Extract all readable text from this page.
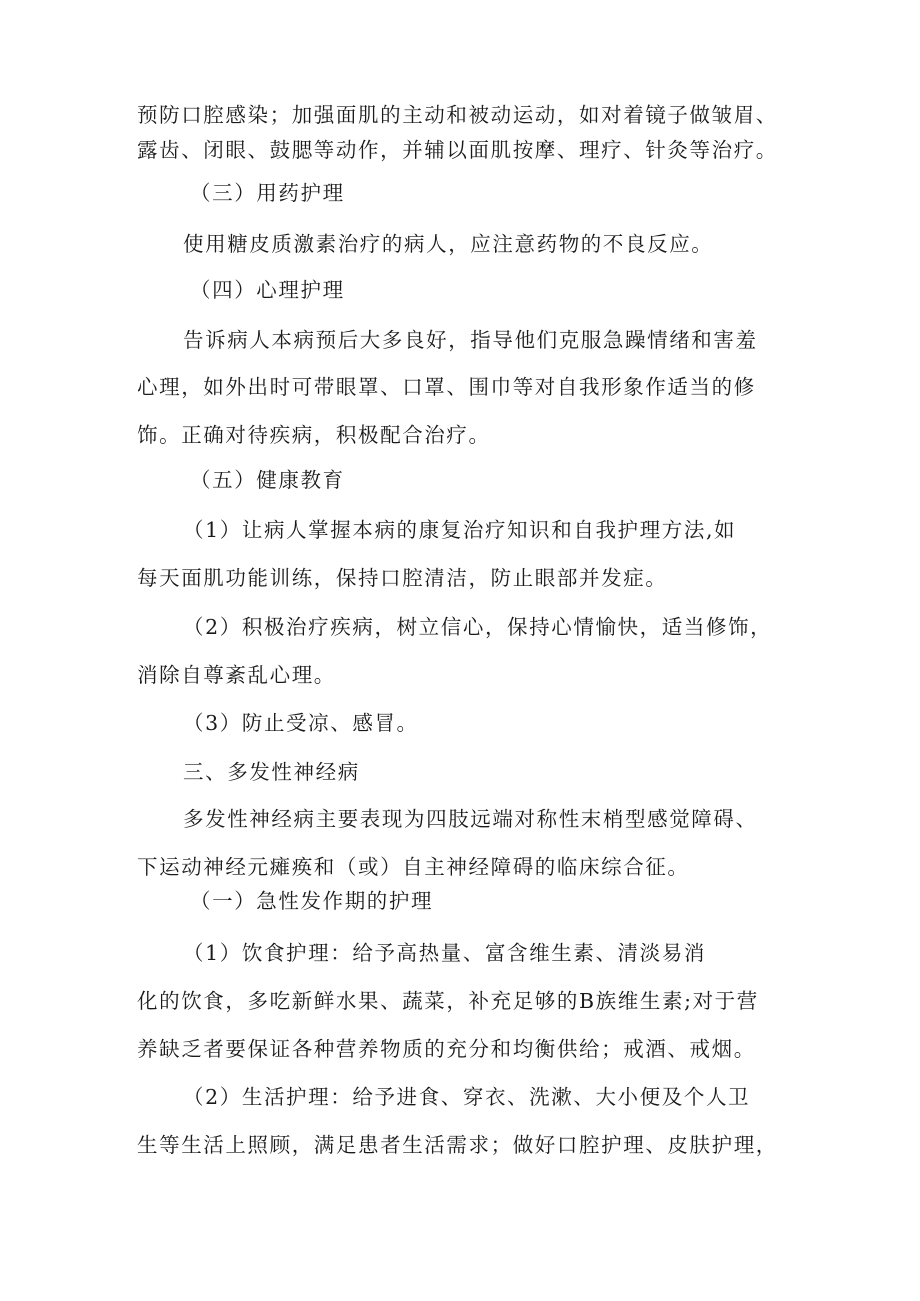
预防口腔感染；加强面肌的主动和被动运动，如对着镜子做皱眉、

露齿、闭眼、鼓腮等动作，并辅以面肌按摩、理疗、针灸等治疗。

（三）用药护理

使用糖皮质激素治疗的病人，应注意药物的不良反应。

（四）心理护理

告诉病人本病预后大多良好，指导他们克服急躁情绪和害羞

心理，如外出时可带眼罩、口罩、围巾等对自我形象作适当的修

饰。正确对待疾病，积极配合治疗。

（五）健康教育

（1）让病人掌握本病的康复治疗知识和自我护理方法,如

每天面肌功能训练，保持口腔清洁，防止眼部并发症。

（2）积极治疗疾病，树立信心，保持心情愉快，适当修饰，

消除自尊紊乱心理。

（3）防止受凉、感冒。

三、多发性神经病

多发性神经病主要表现为四肢远端对称性末梢型感觉障碍、

下运动神经元瘫痪和（或）自主神经障碍的临床综合征。

（一）急性发作期的护理

（1）饮食护理：给予高热量、富含维生素、清淡易消

化的饮食，多吃新鲜水果、蔬菜，补充足够的B族维生素;对于营

养缺乏者要保证各种营养物质的充分和均衡供给；戒酒、戒烟。

（2）生活护理：给予进食、穿衣、洗漱、大小便及个人卫

生等生活上照顾，满足患者生活需求；做好口腔护理、皮肤护理，
